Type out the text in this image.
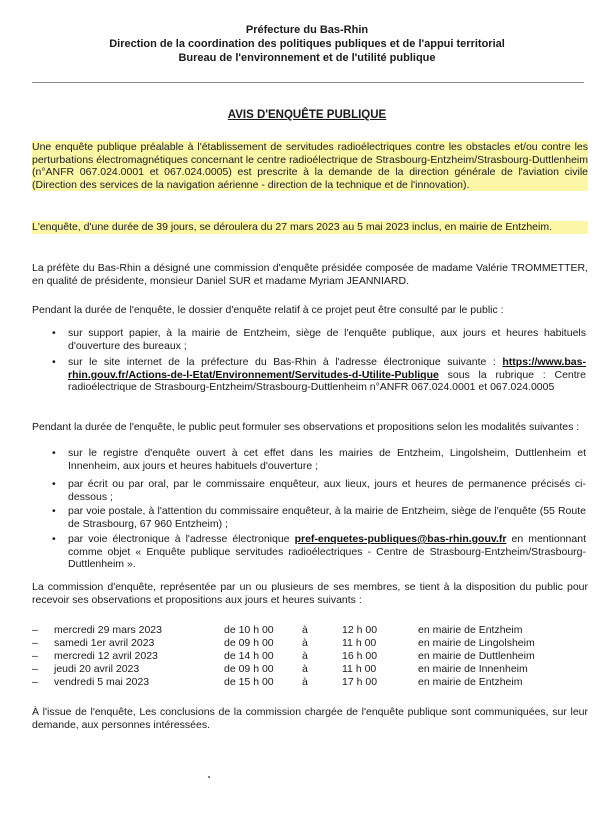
Préfecture du Bas-Rhin
Direction de la coordination des politiques publiques et de l'appui territorial
Bureau de l'environnement et de l'utilité publique
AVIS D'ENQUÊTE PUBLIQUE
Une enquête publique préalable à l'établissement de servitudes radioélectriques contre les obstacles et/ou contre les perturbations électromagnétiques concernant le centre radioélectrique de Strasbourg-Entzheim/Strasbourg-Duttlenheim (n°ANFR 067.024.0001 et 067.024.0005) est prescrite à la demande de la direction générale de l'aviation civile (Direction des services de la navigation aérienne - direction de la technique et de l'innovation).
L'enquête, d'une durée de 39 jours, se déroulera du 27 mars 2023 au 5 mai 2023 inclus, en mairie de Entzheim.
La préfète du Bas-Rhin a désigné une commission d'enquête présidée composée de madame Valérie TROMMETTER, en qualité de présidente, monsieur Daniel SUR et madame Myriam JEANNIARD.
Pendant la durée de l'enquête, le dossier d'enquête relatif à ce projet peut être consulté par le public :
• sur support papier, à la mairie de Entzheim, siège de l'enquête publique, aux jours et heures habituels d'ouverture des bureaux ;
• sur le site internet de la préfecture du Bas-Rhin à l'adresse électronique suivante : https://www.bas-rhin.gouv.fr/Actions-de-l-Etat/Environnement/Servitudes-d-Utilite-Publique sous la rubrique : Centre radioélectrique de Strasbourg-Entzheim/Strasbourg-Duttlenheim n°ANFR 067.024.0001 et 067.024.0005
Pendant la durée de l'enquête, le public peut formuler ses observations et propositions selon les modalités suivantes :
• sur le registre d'enquête ouvert à cet effet dans les mairies de Entzheim, Lingolsheim, Duttlenheim et Innenheim, aux jours et heures habituels d'ouverture ;
• par écrit ou par oral, par le commissaire enquêteur, aux lieux, jours et heures de permanence précisés ci-dessous ;
• par voie postale, à l'attention du commissaire enquêteur, à la mairie de Entzheim, siège de l'enquête (55 Route de Strasbourg, 67 960 Entzheim) ;
• par voie électronique à l'adresse électronique pref-enquetes-publiques@bas-rhin.gouv.fr en mentionnant comme objet « Enquête publique servitudes radioélectriques - Centre de Strasbourg-Entzheim/Strasbourg-Duttlenheim ».
La commission d'enquête, représentée par un ou plusieurs de ses membres, se tient à la disposition du public pour recevoir ses observations et propositions aux jours et heures suivants :
– mercredi 29 mars 2023	de 10 h 00	à	12 h 00	en mairie de Entzheim
– samedi 1er avril 2023	de 09 h 00	à	11 h 00	en mairie de Lingolsheim
– mercredi 12 avril 2023	de 14 h 00	à	16 h 00	en mairie de Duttlenheim
– jeudi 20 avril 2023	de 09 h 00	à	11 h 00	en mairie de Innenheim
– vendredi 5 mai 2023	de 15 h 00	à	17 h 00	en mairie de Entzheim
À l'issue de l'enquête, Les conclusions de la commission chargée de l'enquête publique sont communiquées, sur leur demande, aux personnes intéressées.
